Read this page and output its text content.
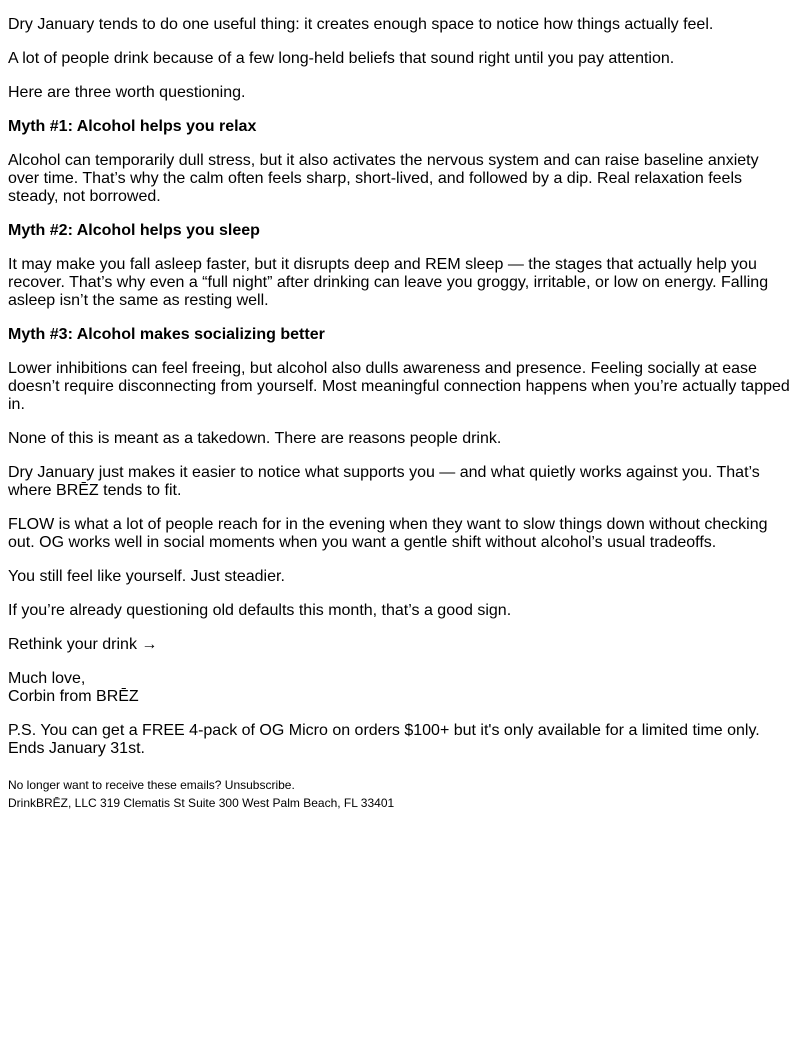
Dry January tends to do one useful thing: it creates enough space to notice how things actually feel.

A lot of people drink because of a few long-held beliefs that sound right until you pay attention.

Here are three worth questioning.

Myth #1: Alcohol helps you relax

Alcohol can temporarily dull stress, but it also activates the nervous system and can raise baseline anxiety over time. That’s why the calm often feels sharp, short-lived, and followed by a dip. Real relaxation feels steady, not borrowed.

Myth #2: Alcohol helps you sleep

It may make you fall asleep faster, but it disrupts deep and REM sleep — the stages that actually help you recover. That’s why even a “full night” after drinking can leave you groggy, irritable, or low on energy. Falling asleep isn’t the same as resting well.

Myth #3: Alcohol makes socializing better

Lower inhibitions can feel freeing, but alcohol also dulls awareness and presence. Feeling socially at ease doesn’t require disconnecting from yourself. Most meaningful connection happens when you’re actually tapped in.

None of this is meant as a takedown. There are reasons people drink.

Dry January just makes it easier to notice what supports you — and what quietly works against you. That’s where BRĒZ tends to fit.

FLOW is what a lot of people reach for in the evening when they want to slow things down without checking out. OG works well in social moments when you want a gentle shift without alcohol’s usual tradeoffs.

You still feel like yourself. Just steadier.

If you’re already questioning old defaults this month, that’s a good sign.

Rethink your drink →

Much love,
Corbin from BRĒZ

P.S. You can get a FREE 4-pack of OG Micro on orders $100+ but it's only available for a limited time only. Ends January 31st.

No longer want to receive these emails? Unsubscribe.

DrinkBRĒZ, LLC 319 Clematis St Suite 300 West Palm Beach, FL 33401
